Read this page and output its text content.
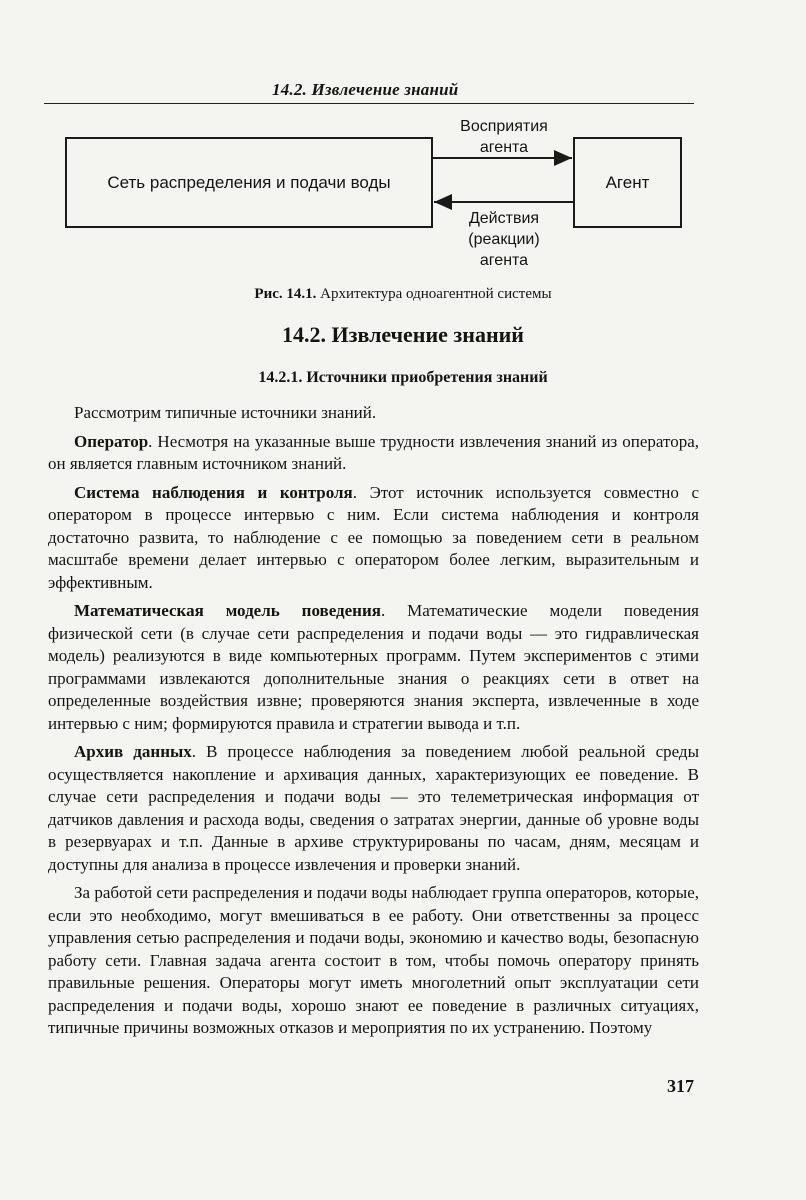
14.2. Извлечение знаний
Сеть распределения и подачи воды	Агент
Восприятия
агента
Действия
(реакции)
агента
Рис. 14.1. Архитектура одноагентной системы
14.2. Извлечение знаний
14.2.1. Источники приобретения знаний

Рассмотрим типичные источники знаний.

Оператор. Несмотря на указанные выше трудности извлечения знаний из оператора, он является главным источником знаний.

Система наблюдения и контроля. Этот источник используется совместно с оператором в процессе интервью с ним. Если система наблюдения и контроля достаточно развита, то наблюдение с ее помощью за поведением сети в реальном масштабе времени делает интервью с оператором более легким, выразительным и эффективным.

Математическая модель поведения. Математические модели поведения физической сети (в случае сети распределения и подачи воды — это гидравлическая модель) реализуются в виде компьютерных программ. Путем экспериментов с этими программами извлекаются дополнительные знания о реакциях сети в ответ на определенные воздействия извне; проверяются знания эксперта, извлеченные в ходе интервью с ним; формируются правила и стратегии вывода и т.п.

Архив данных. В процессе наблюдения за поведением любой реальной среды осуществляется накопление и архивация данных, характеризующих ее поведение. В случае сети распределения и подачи воды — это телеметрическая информация от датчиков давления и расхода воды, сведения о затратах энергии, данные об уровне воды в резервуарах и т.п. Данные в архиве структурированы по часам, дням, месяцам и доступны для анализа в процессе извлечения и проверки знаний.

За работой сети распределения и подачи воды наблюдает группа операторов, которые, если это необходимо, могут вмешиваться в ее работу. Они ответственны за процесс управления сетью распределения и подачи воды, экономию и качество воды, безопасную работу сети. Главная задача агента состоит в том, чтобы помочь оператору принять правильные решения. Операторы могут иметь многолетний опыт эксплуатации сети распределения и подачи воды, хорошо знают ее поведение в различных ситуациях, типичные причины возможных отказов и мероприятия по их устранению. Поэтому

317
